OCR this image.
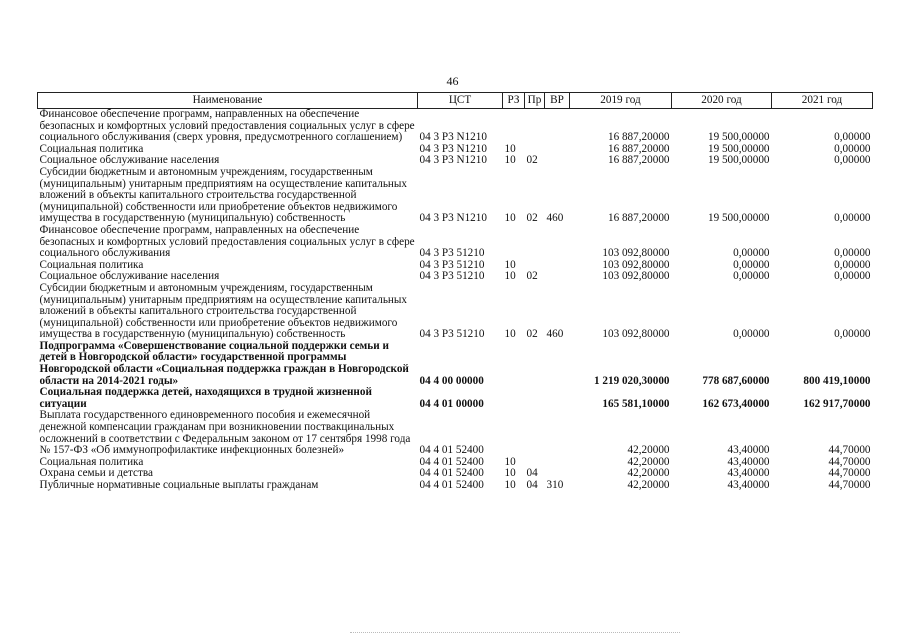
46
Наименование	ЦСТ	РЗ	Пр	ВР	2019 год	2020 год	2021 год
Финансовое обеспечение программ, направленных на обеспечение безопасных и комфортных условий предоставления социальных услуг в сфере социального обслуживания (сверх уровня, предусмотренного соглашением)	04 3 P3 N1210				16 887,20000	19 500,00000	0,00000
Социальная политика	04 3 P3 N1210	10			16 887,20000	19 500,00000	0,00000
Социальное обслуживание населения	04 3 P3 N1210	10	02		16 887,20000	19 500,00000	0,00000
Субсидии бюджетным и автономным учреждениям, государственным (муниципальным) унитарным предприятиям на осуществление капитальных вложений в объекты капитального строительства государственной (муниципальной) собственности или приобретение объектов недвижимого имущества в государственную (муниципальную) собственность	04 3 P3 N1210	10	02	460	16 887,20000	19 500,00000	0,00000
Финансовое обеспечение программ, направленных на обеспечение безопасных и комфортных условий предоставления социальных услуг в сфере социального обслуживания	04 3 P3 51210				103 092,80000	0,00000	0,00000
Социальная политика	04 3 P3 51210	10			103 092,80000	0,00000	0,00000
Социальное обслуживание населения	04 3 P3 51210	10	02		103 092,80000	0,00000	0,00000
Субсидии бюджетным и автономным учреждениям, государственным (муниципальным) унитарным предприятиям на осуществление капитальных вложений в объекты капитального строительства государственной (муниципальной) собственности или приобретение объектов недвижимого имущества в государственную (муниципальную) собственность	04 3 P3 51210	10	02	460	103 092,80000	0,00000	0,00000
Подпрограмма «Совершенствование социальной поддержки семьи и детей в Новгородской области» государственной программы Новгородской области «Социальная поддержка граждан в Новгородской области на 2014-2021 годы»	04 4 00 00000				1 219 020,30000	778 687,60000	800 419,10000
Социальная поддержка детей, находящихся в трудной жизненной ситуации	04 4 01 00000				165 581,10000	162 673,40000	162 917,70000
Выплата государственного единовременного пособия и ежемесячной денежной компенсации гражданам при возникновении поствакцинальных осложнений в соответствии с Федеральным законом от 17 сентября 1998 года № 157-ФЗ «Об иммунопрофилактике инфекционных болезней»	04 4 01 52400				42,20000	43,40000	44,70000
Социальная политика	04 4 01 52400	10			42,20000	43,40000	44,70000
Охрана семьи и детства	04 4 01 52400	10	04		42,20000	43,40000	44,70000
Публичные нормативные социальные выплаты гражданам	04 4 01 52400	10	04	310	42,20000	43,40000	44,70000
